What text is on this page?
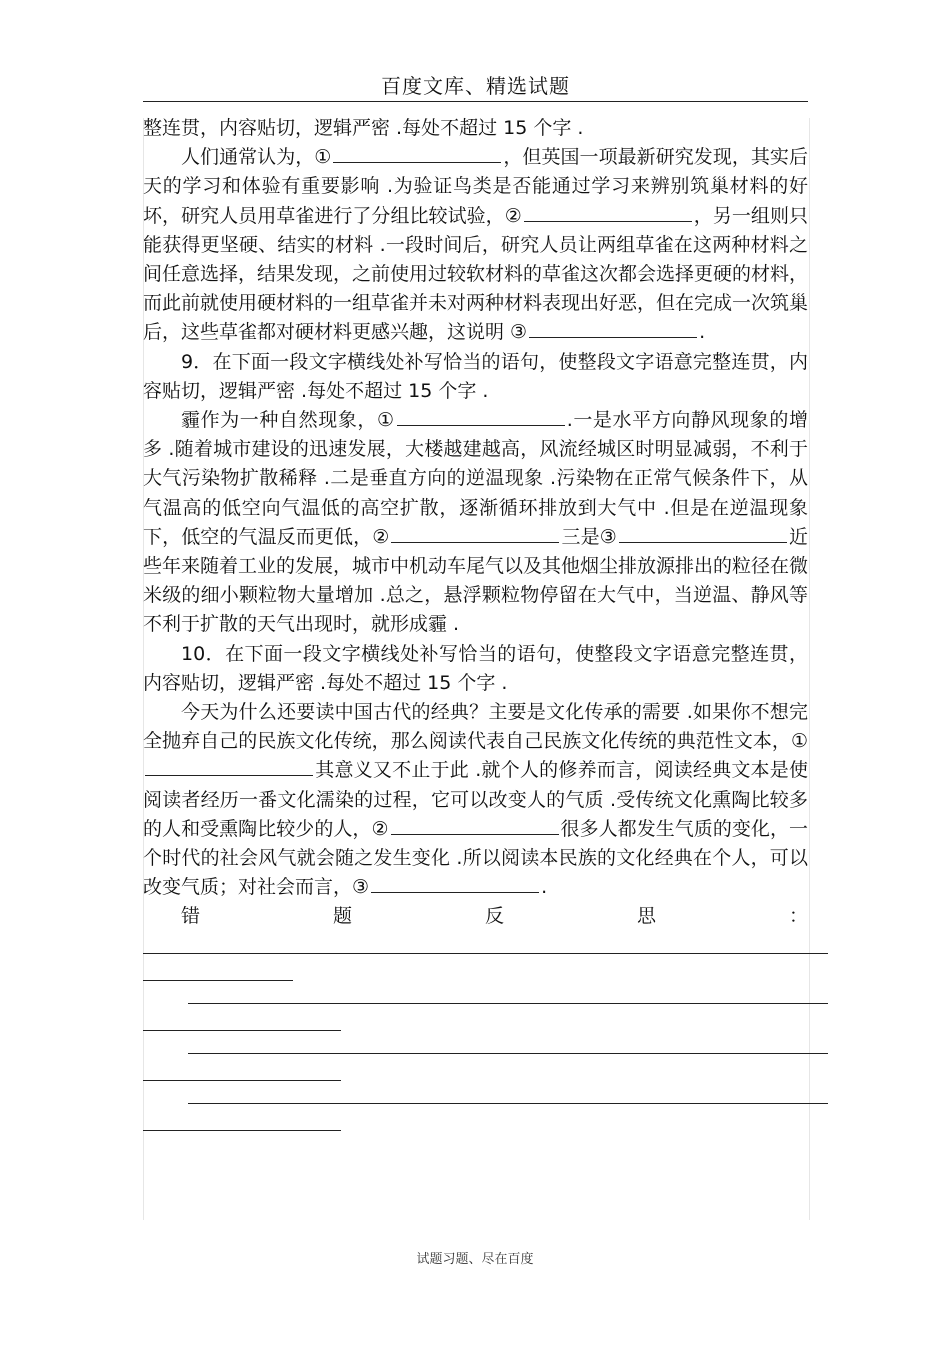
百度文库、精选试题

整连贯，内容贴切，逻辑严密 .每处不超过 15 个字 .

人们通常认为，①	，但英国一项最新研究发现，其实后天的学习和体验有重要影响 .为验证鸟类是否能通过学习来辨别筑巢材料的好坏，研究人员用草雀进行了分组比较试验，②	，另一组则只能获得更坚硬、结实的材料 .一段时间后，研究人员让两组草雀在这两种材料之间任意选择，结果发现，之前使用过较软材料的草雀这次都会选择更硬的材料，而此前就使用硬材料的一组草雀并未对两种材料表现出好恶，但在完成一次筑巢后，这些草雀都对硬材料更感兴趣，这说明 ③	.

9．在下面一段文字横线处补写恰当的语句，使整段文字语意完整连贯，内容贴切，逻辑严密 .每处不超过 15 个字 .

霾作为一种自然现象，①	.一是水平方向静风现象的增多 .随着城市建设的迅速发展，大楼越建越高，风流经城区时明显减弱，不利于大气污染物扩散稀释 .二是垂直方向的逆温现象 .污染物在正常气候条件下，从气温高的低空向气温低的高空扩散，逐渐循环排放到大气中 .但是在逆温现象下，低空的气温反而更低，②	三是③	近些年来随着工业的发展，城市中机动车尾气以及其他烟尘排放源排出的粒径在微米级的细小颗粒物大量增加 .总之，悬浮颗粒物停留在大气中，当逆温、静风等不利于扩散的天气出现时，就形成霾 .

10．在下面一段文字横线处补写恰当的语句，使整段文字语意完整连贯，内容贴切，逻辑严密 .每处不超过 15 个字 .

今天为什么还要读中国古代的经典？主要是文化传承的需要 .如果你不想完全抛弃自己的民族文化传统，那么阅读代表自己民族文化传统的典范性文本，①其意义又不止于此 .就个人的修养而言，阅读经典文本是使阅读者经历一番文化濡染的过程，它可以改变人的气质 .受传统文化熏陶比较多的人和受熏陶比较少的人，②	很多人都发生气质的变化，一个时代的社会风气就会随之发生变化 .所以阅读本民族的文化经典在个人，可以改变气质；对社会而言，③	.

错	题	反	思	：
试题习题、尽在百度
